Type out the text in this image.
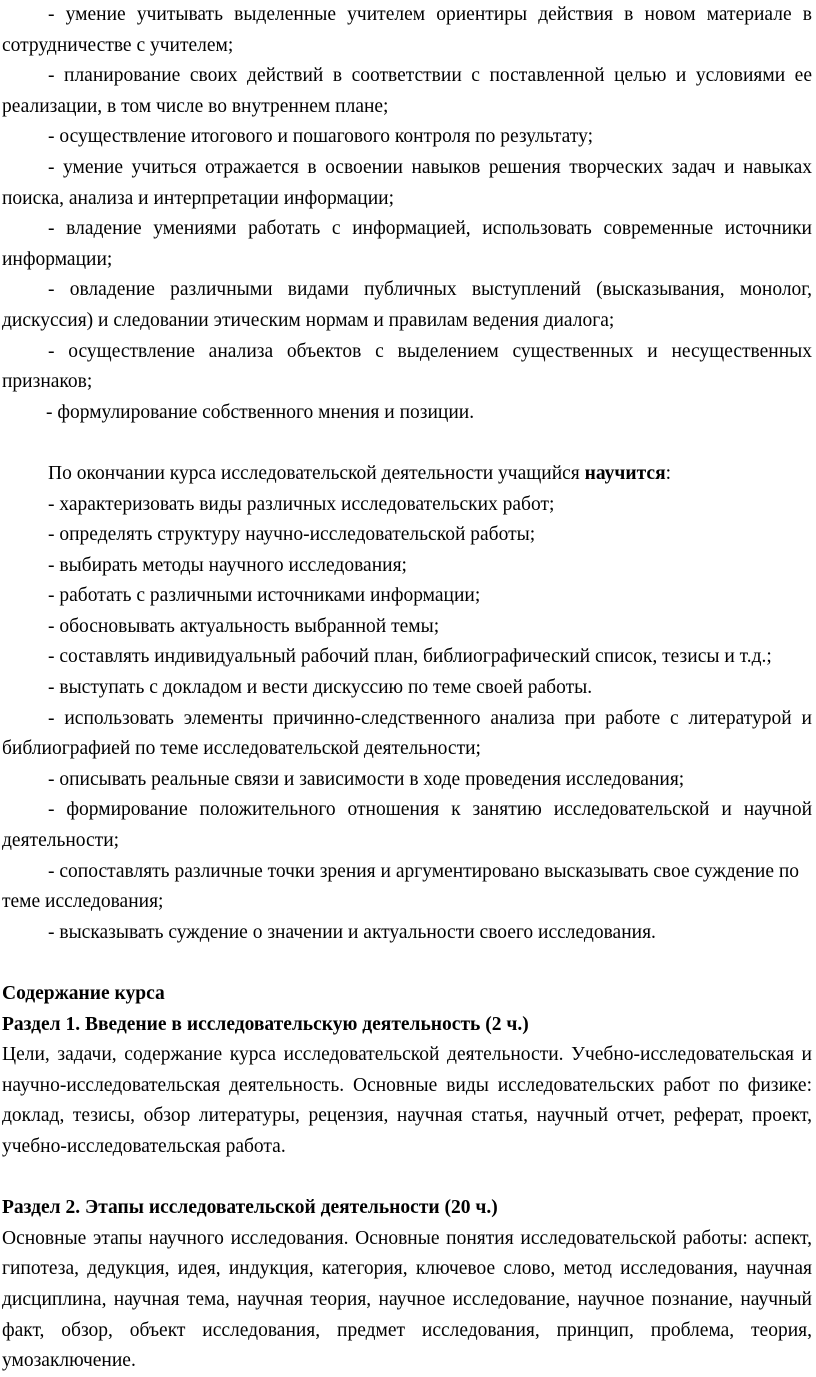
- умение учитывать выделенные учителем ориентиры действия в новом материале в сотрудничестве с учителем;

- планирование своих действий в соответствии с поставленной целью и условиями ее реализации, в том числе во внутреннем плане;

- осуществление итогового и пошагового контроля по результату;

- умение учиться отражается в освоении навыков решения творческих задач и навыках поиска, анализа и интерпретации информации;

- владение умениями работать с информацией, использовать современные источники информации;

- овладение различными видами публичных выступлений (высказывания, монолог, дискуссия) и следовании этическим нормам и правилам ведения диалога;

- осуществление анализа объектов с выделением существенных и несущественных признаков;

- формулирование собственного мнения и позиции.

По окончании курса исследовательской деятельности учащийся научится:

- характеризовать виды различных исследовательских работ;

- определять структуру научно-исследовательской работы;

- выбирать методы научного исследования;

- работать с различными источниками информации;

- обосновывать актуальность выбранной темы;

- составлять индивидуальный рабочий план, библиографический список, тезисы и т.д.;

- выступать с докладом и вести дискуссию по теме своей работы.

- использовать элементы причинно-следственного анализа при работе с литературой и библиографией по теме исследовательской деятельности;

- описывать реальные связи и зависимости в ходе проведения исследования;

- формирование положительного отношения к занятию исследовательской и научной деятельности;

- сопоставлять различные точки зрения и аргументировано высказывать свое суждение по теме исследования;

- высказывать суждение о значении и актуальности своего исследования.

Содержание курса

Раздел 1. Введение в исследовательскую деятельность (2 ч.)

Цели, задачи, содержание курса исследовательской деятельности. Учебно-исследовательская и научно-исследовательская деятельность. Основные виды исследовательских работ по физике: доклад, тезисы, обзор литературы, рецензия, научная статья, научный отчет, реферат, проект, учебно-исследовательская работа.

Раздел 2. Этапы исследовательской деятельности (20 ч.)

Основные этапы научного исследования. Основные понятия исследовательской работы: аспект, гипотеза, дедукция, идея, индукция, категория, ключевое слово, метод исследования, научная дисциплина, научная тема, научная теория, научное исследование, научное познание, научный факт, обзор, объект исследования, предмет исследования, принцип, проблема, теория, умозаключение.
